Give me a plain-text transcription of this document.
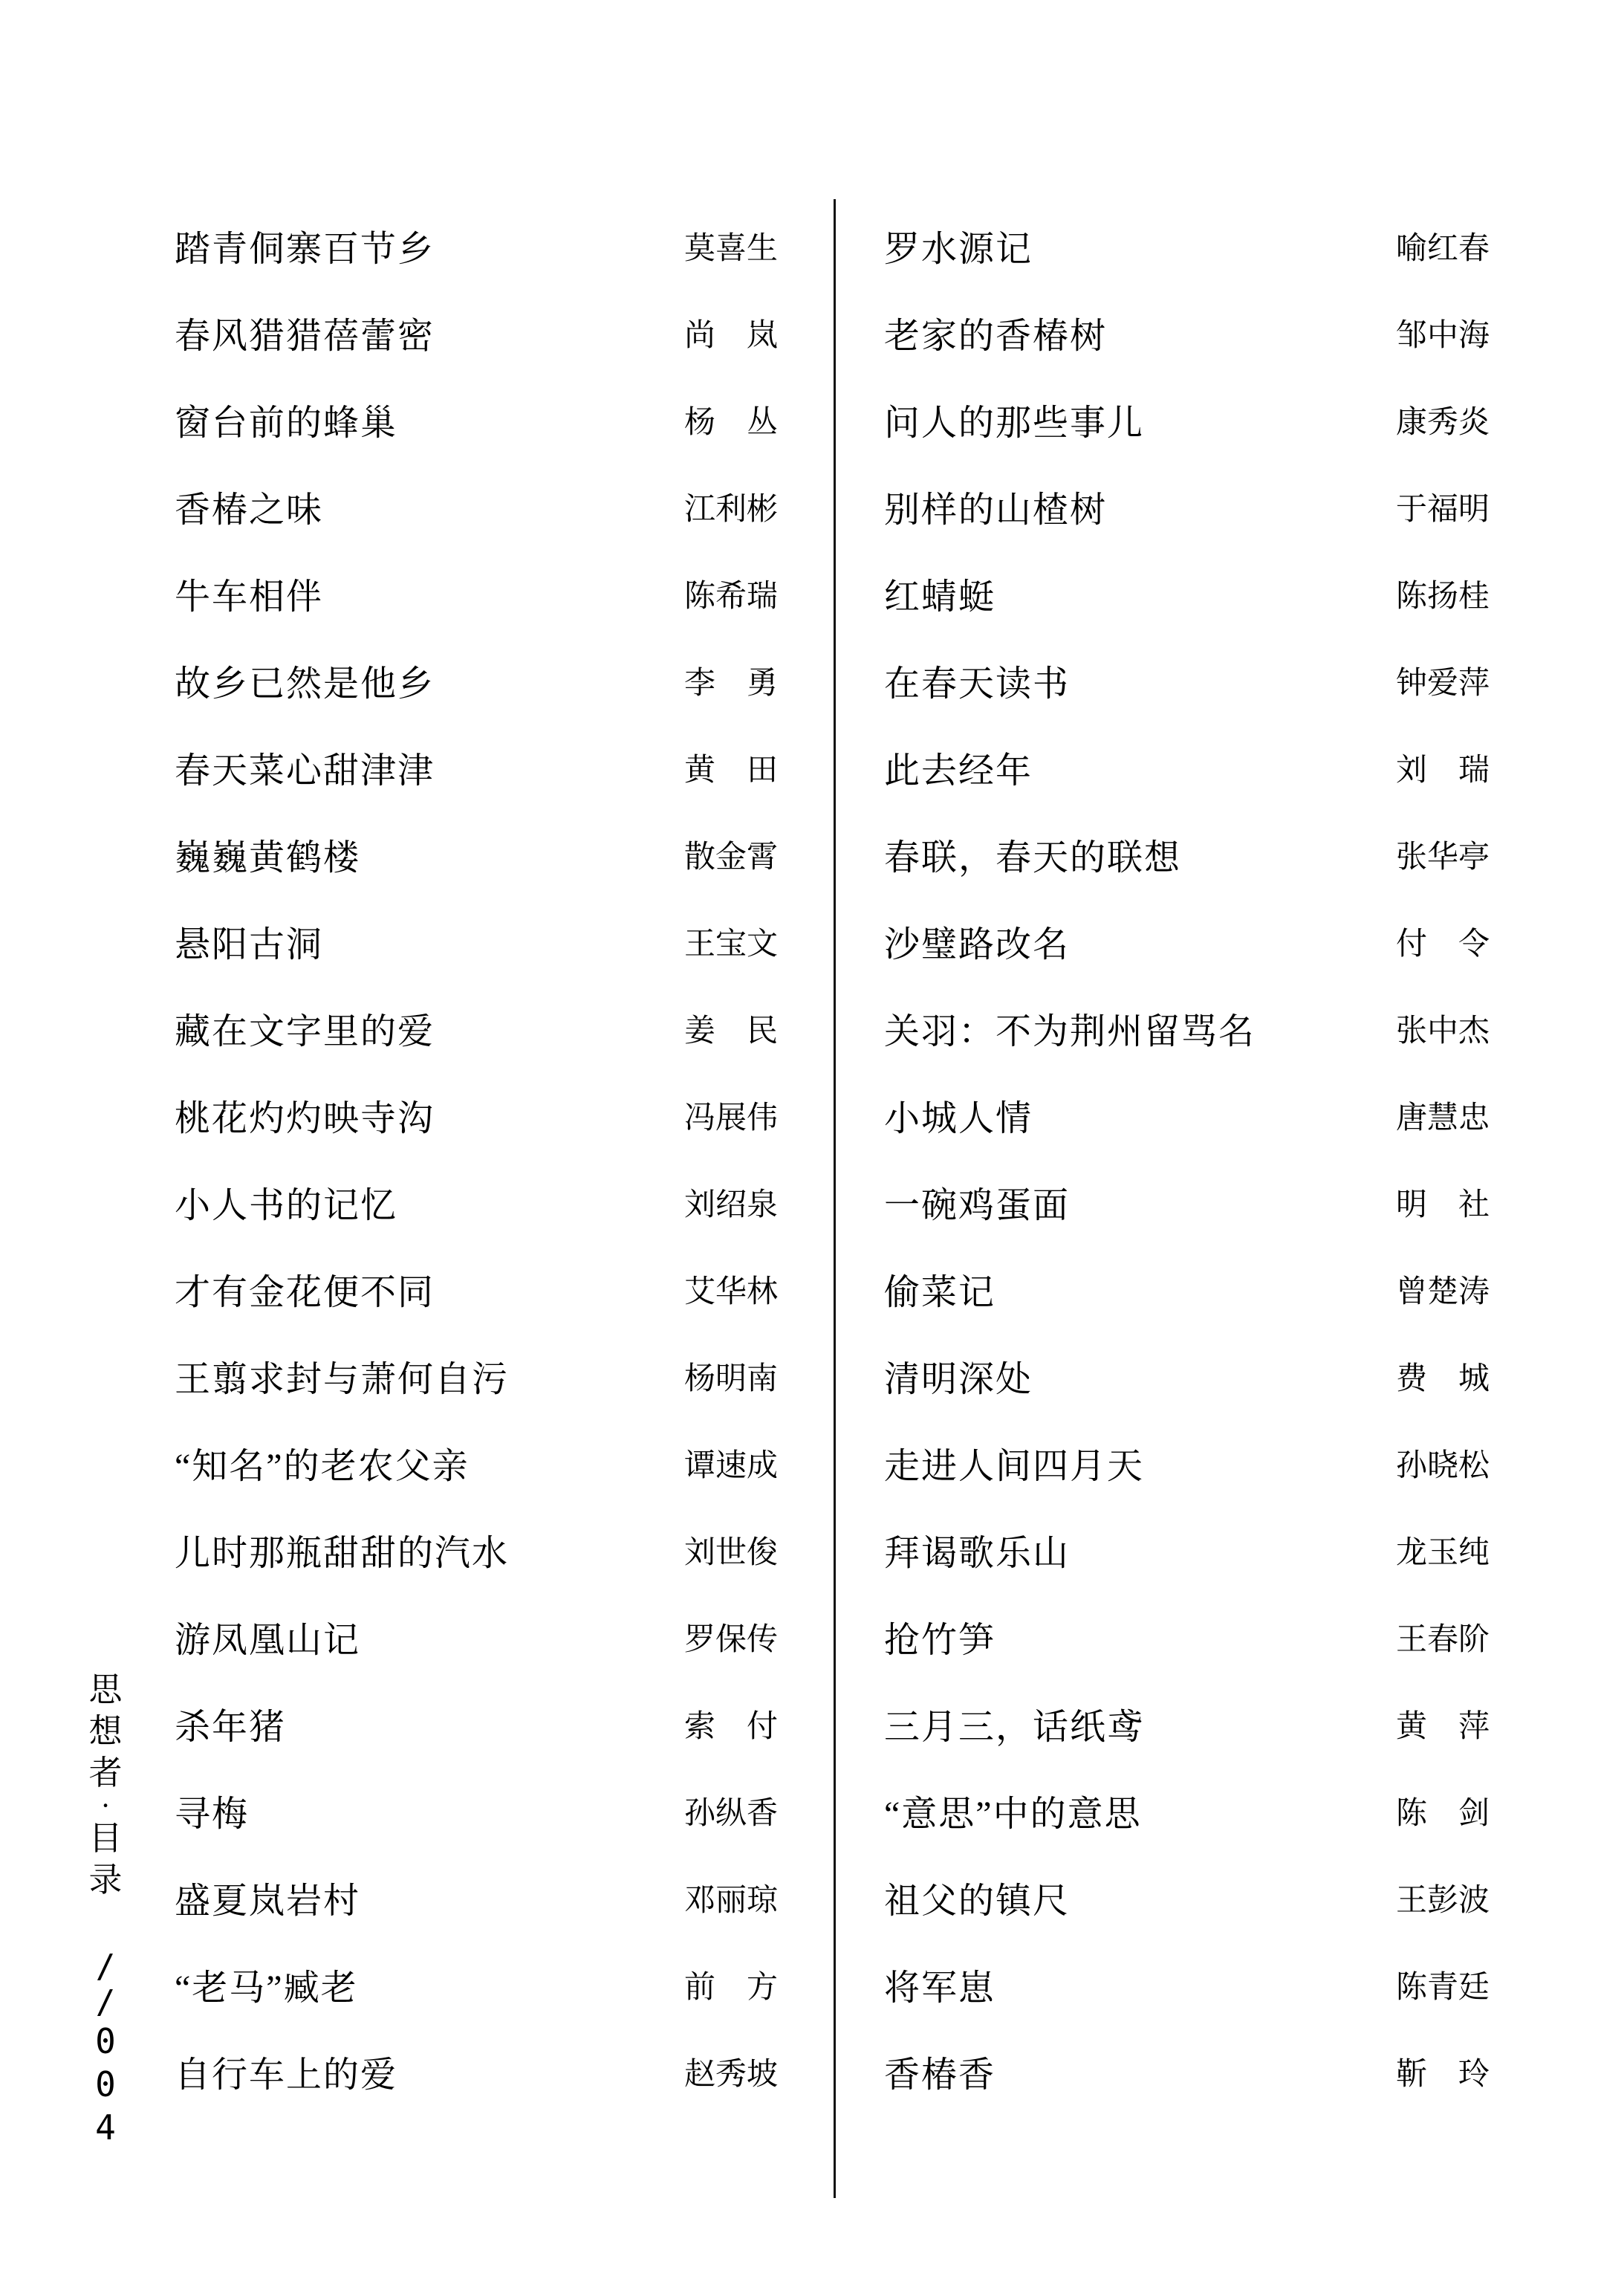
思
想
者
·
目
录
/
/
0
0
4
踏青侗寨百节乡	莫喜生
春风猎猎蓓蕾密	尚　岚
窗台前的蜂巢	杨　丛
香椿之味	江利彬
牛车相伴	陈希瑞
故乡已然是他乡	李　勇
春天菜心甜津津	黄　田
巍巍黄鹤楼	散金霄
悬阳古洞	王宝文
藏在文字里的爱	姜　民
桃花灼灼映寺沟	冯展伟
小人书的记忆	刘绍泉
才有金花便不同	艾华林
王翦求封与萧何自污	杨明南
“知名”的老农父亲	谭速成
儿时那瓶甜甜的汽水	刘世俊
游凤凰山记	罗保传
杀年猪	索　付
寻梅	孙纵香
盛夏岚岩村	邓丽琼
“老马”臧老	前　方
自行车上的爱	赵秀坡
罗水源记	喻红春
老家的香椿树	邹中海
问人的那些事儿	康秀炎
别样的山楂树	于福明
红蜻蜓	陈扬桂
在春天读书	钟爱萍
此去经年	刘　瑞
春联，春天的联想	张华亭
沙璧路改名	付　令
关羽：不为荆州留骂名	张中杰
小城人情	唐慧忠
一碗鸡蛋面	明　社
偷菜记	曾楚涛
清明深处	费　城
走进人间四月天	孙晓松
拜谒歌乐山	龙玉纯
抢竹笋	王春阶
三月三，话纸鸢	黄　萍
“意思”中的意思	陈　剑
祖父的镇尺	王彭波
将军崽	陈青廷
香椿香	靳　玲
